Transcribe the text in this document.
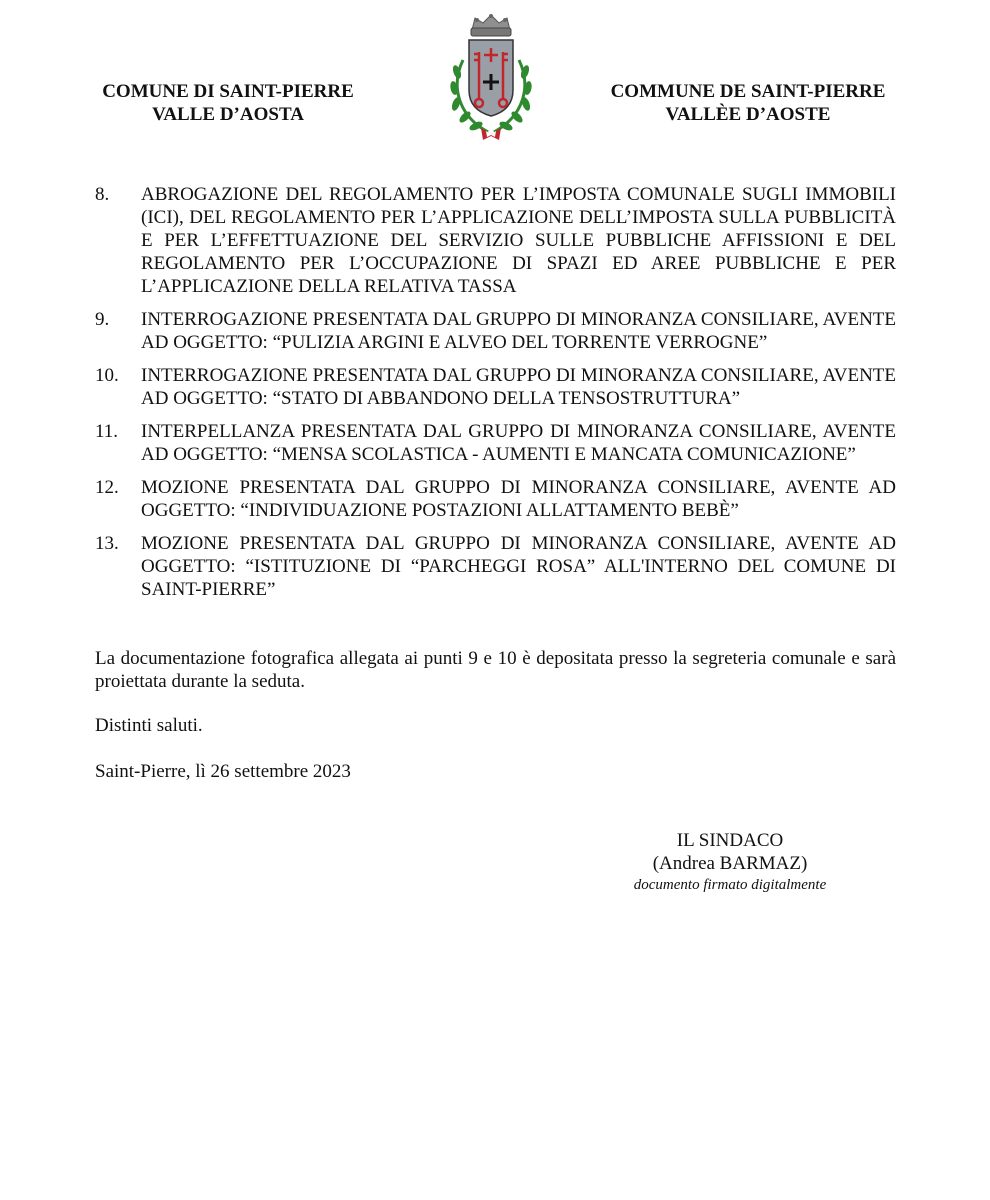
COMUNE DI SAINT-PIERRE
VALLE D’AOSTA
COMMUNE DE SAINT-PIERRE
VALLÈE D’AOSTE
8.	ABROGAZIONE DEL REGOLAMENTO PER L’IMPOSTA COMUNALE SUGLI IMMOBILI (ICI), DEL REGOLAMENTO PER L’APPLICAZIONE DELL’IMPOSTA SULLA PUBBLICITÀ E PER L’EFFETTUAZIONE DEL SERVIZIO SULLE PUBBLICHE AFFISSIONI E DEL REGOLAMENTO PER L’OCCUPAZIONE DI SPAZI ED AREE PUBBLICHE E PER L’APPLICAZIONE DELLA RELATIVA TASSA
9.	INTERROGAZIONE PRESENTATA DAL GRUPPO DI MINORANZA CONSILIARE, AVENTE AD OGGETTO: “PULIZIA ARGINI E ALVEO DEL TORRENTE VERROGNE”
10.	INTERROGAZIONE PRESENTATA DAL GRUPPO DI MINORANZA CONSILIARE, AVENTE AD OGGETTO: “STATO DI ABBANDONO DELLA TENSOSTRUTTURA”
11.	INTERPELLANZA PRESENTATA DAL GRUPPO DI MINORANZA CONSILIARE, AVENTE AD OGGETTO: “MENSA SCOLASTICA - AUMENTI E MANCATA COMUNICAZIONE”
12.	MOZIONE PRESENTATA DAL GRUPPO DI MINORANZA CONSILIARE, AVENTE AD OGGETTO: “INDIVIDUAZIONE POSTAZIONI ALLATTAMENTO BEBÈ”
13.	MOZIONE PRESENTATA DAL GRUPPO DI MINORANZA CONSILIARE, AVENTE AD OGGETTO: “ISTITUZIONE DI “PARCHEGGI ROSA” ALL'INTERNO DEL COMUNE DI SAINT-PIERRE”

La documentazione fotografica allegata ai punti 9 e 10 è depositata presso la segreteria comunale e sarà proiettata durante la seduta.

Distinti saluti.

Saint-Pierre, lì 26 settembre 2023

IL SINDACO
(Andrea BARMAZ)
documento firmato digitalmente
